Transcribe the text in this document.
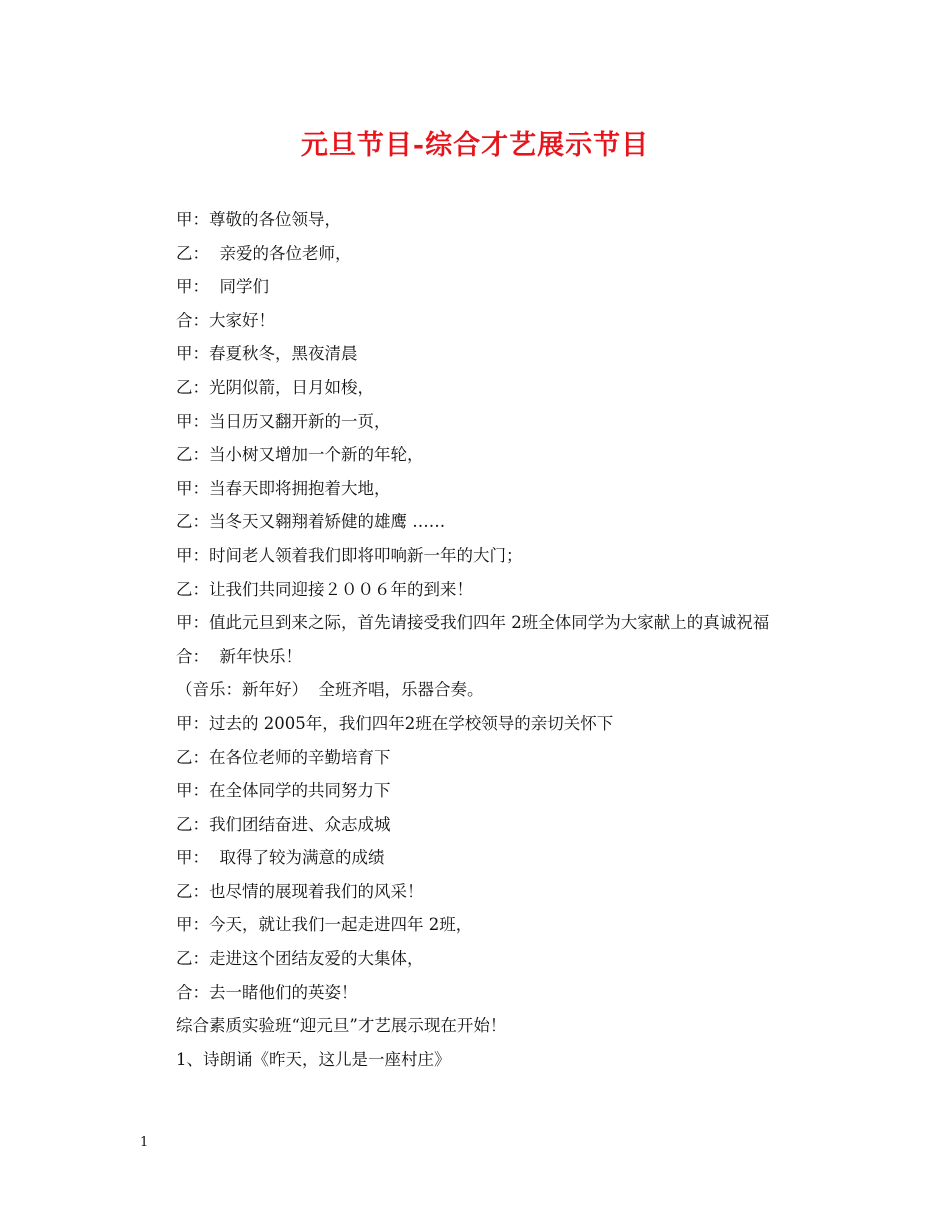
元旦节目-综合才艺展示节目

甲：尊敬的各位领导，

乙：  亲爱的各位老师，

甲：  同学们

合：大家好！

甲：春夏秋冬，黑夜清晨

乙：光阴似箭，日月如梭，

甲：当日历又翻开新的一页，

乙：当小树又增加一个新的年轮，

甲：当春天即将拥抱着大地，

乙：当冬天又翱翔着矫健的雄鹰 ……

甲：时间老人领着我们即将叩响新一年的大门；

乙：让我们共同迎接２００６年的到来！

甲：值此元旦到来之际，首先请接受我们四年 2班全体同学为大家献上的真诚祝福

合：  新年快乐！

（音乐：新年好）  全班齐唱，乐器合奏。

甲：过去的 2005年，我们四年2班在学校领导的亲切关怀下

乙：在各位老师的辛勤培育下

甲：在全体同学的共同努力下

乙：我们团结奋进、众志成城

甲：  取得了较为满意的成绩

乙：也尽情的展现着我们的风采！

甲：今天，就让我们一起走进四年 2班，

乙：走进这个团结友爱的大集体，

合：去一睹他们的英姿！

综合素质实验班“迎元旦”才艺展示现在开始！

1、诗朗诵《昨天，这儿是一座村庄》

1
